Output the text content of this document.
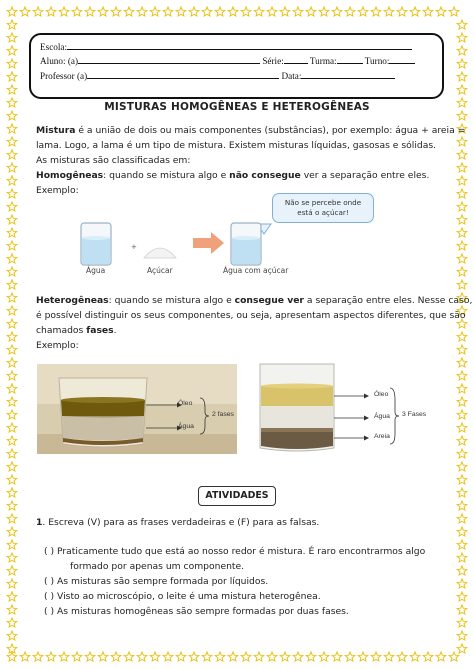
Escola:
Aluno: (a)	Série:	Turma:	Turno:
Professor (a)	Data:
MISTURAS HOMOGÊNEAS E HETEROGÊNEAS
Mistura é a união de dois ou mais componentes (substâncias), por exemplo: água + areia =
lama. Logo, a lama é um tipo de mistura. Existem misturas líquidas, gasosas e sólidas.
As misturas são classificadas em:
Homogêneas: quando se mistura algo e não consegue ver a separação entre eles.
Exemplo:
Não se percebe onde
está o açúcar!
+
Água	Açúcar	Água com açúcar
Heterogêneas: quando se mistura algo e consegue ver a separação entre eles. Nesse caso,
é possível distinguir os seus componentes, ou seja, apresentam aspectos diferentes, que são
chamados fases.
Exemplo:
Óleo
Água
2 fases
Óleo
Água
Areia
3 Fases
ATIVIDADES
1. Escreva (V) para as frases verdadeiras e (F) para as falsas.
( ) Praticamente tudo que está ao nosso redor é mistura. É raro encontrarmos algo
formado por apenas um componente.
( ) As misturas são sempre formada por líquidos.
( ) Visto ao microscópio, o leite é uma mistura heterogênea.
( ) As misturas homogêneas são sempre formadas por duas fases.
